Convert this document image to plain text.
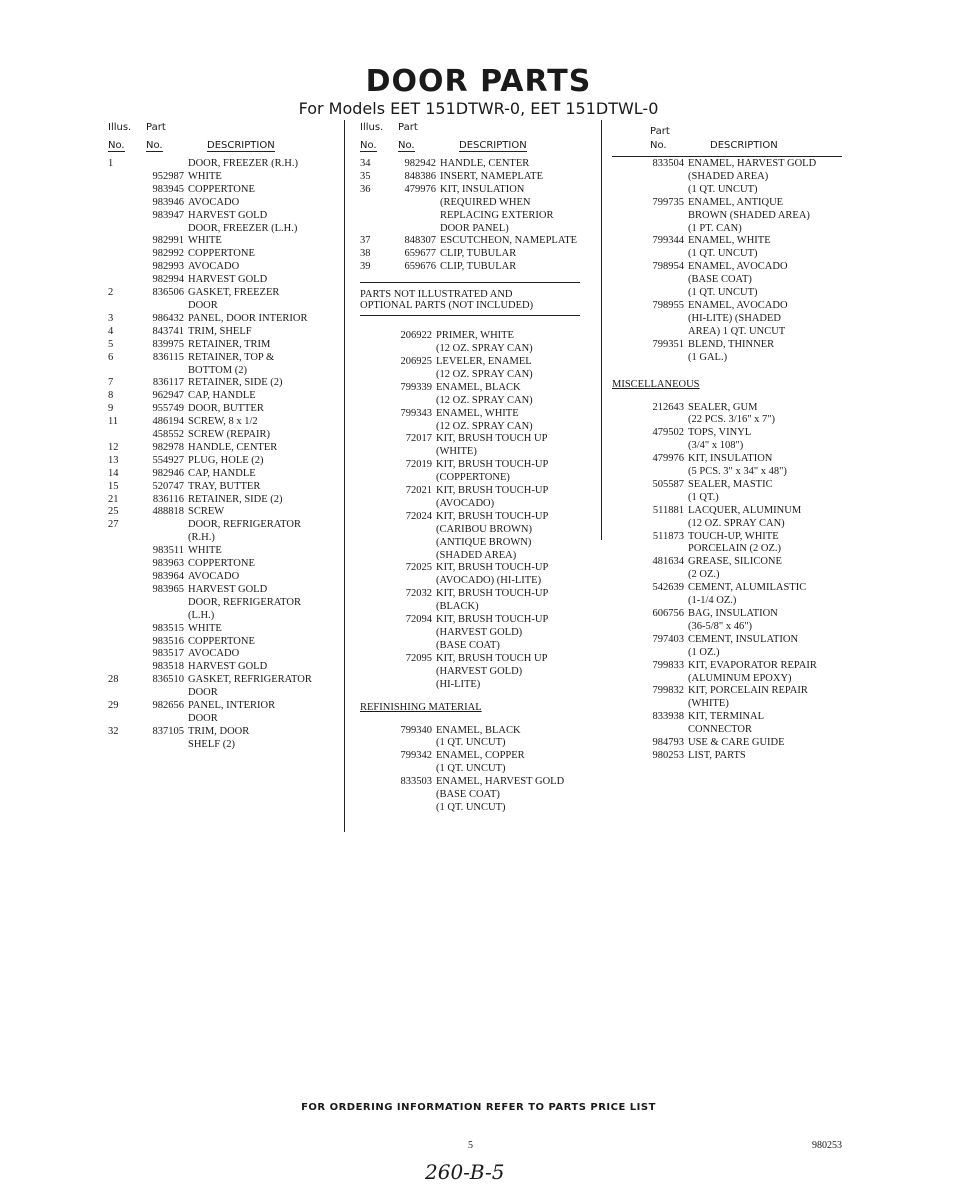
DOOR PARTS
For Models EET 151DTWR-0, EET 151DTWL-0
Illus. Part
No. No.	DESCRIPTION
1	DOOR, FREEZER (R.H.)
952987 WHITE
983945 COPPERTONE
983946 AVOCADO
983947 HARVEST GOLD
DOOR, FREEZER (L.H.)
982991 WHITE
982992 COPPERTONE
982993 AVOCADO
982994 HARVEST GOLD
2	836506 GASKET, FREEZER
DOOR
3	986432 PANEL, DOOR INTERIOR
4	843741 TRIM, SHELF
5	839975 RETAINER, TRIM
6	836115 RETAINER, TOP &
BOTTOM (2)
7	836117 RETAINER, SIDE (2)
8	962947 CAP, HANDLE
9	955749 DOOR, BUTTER
11	486194 SCREW, 8 x 1/2
458552 SCREW (REPAIR)
12	982978 HANDLE, CENTER
13	554927 PLUG, HOLE (2)
14	982946 CAP, HANDLE
15	520747 TRAY, BUTTER
21	836116 RETAINER, SIDE (2)
25	488818 SCREW
27	DOOR, REFRIGERATOR
(R.H.)
983511 WHITE
983963 COPPERTONE
983964 AVOCADO
983965 HARVEST GOLD
DOOR, REFRIGERATOR
(L.H.)
983515 WHITE
983516 COPPERTONE
983517 AVOCADO
983518 HARVEST GOLD
28	836510 GASKET, REFRIGERATOR
DOOR
29	982656 PANEL, INTERIOR
DOOR
32	837105 TRIM, DOOR
SHELF (2)
Illus. Part
No. No.	DESCRIPTION
34	982942 HANDLE, CENTER
35	848386 INSERT, NAMEPLATE
36	479976 KIT, INSULATION
(REQUIRED WHEN
REPLACING EXTERIOR
DOOR PANEL)
37	848307 ESCUTCHEON, NAMEPLATE
38	659677 CLIP, TUBULAR
39	659676 CLIP, TUBULAR
PARTS NOT ILLUSTRATED AND
OPTIONAL PARTS (NOT INCLUDED)
206922 PRIMER, WHITE
(12 OZ. SPRAY CAN)
206925 LEVELER, ENAMEL
(12 OZ. SPRAY CAN)
799339 ENAMEL, BLACK
(12 OZ. SPRAY CAN)
799343 ENAMEL, WHITE
(12 OZ. SPRAY CAN)
72017 KIT, BRUSH TOUCH UP
(WHITE)
72019 KIT, BRUSH TOUCH-UP
(COPPERTONE)
72021 KIT, BRUSH TOUCH-UP
(AVOCADO)
72024 KIT, BRUSH TOUCH-UP
(CARIBOU BROWN)
(ANTIQUE BROWN)
(SHADED AREA)
72025 KIT, BRUSH TOUCH-UP
(AVOCADO) (HI-LITE)
72032 KIT, BRUSH TOUCH-UP
(BLACK)
72094 KIT, BRUSH TOUCH-UP
(HARVEST GOLD)
(BASE COAT)
72095 KIT, BRUSH TOUCH UP
(HARVEST GOLD)
(HI-LITE)
REFINISHING MATERIAL
799340 ENAMEL, BLACK
(1 QT. UNCUT)
799342 ENAMEL, COPPER
(1 QT. UNCUT)
833503 ENAMEL, HARVEST GOLD
(BASE COAT)
(1 QT. UNCUT)
Part
No.	DESCRIPTION
833504 ENAMEL, HARVEST GOLD
(SHADED AREA)
(1 QT. UNCUT)
799735 ENAMEL, ANTIQUE
BROWN (SHADED AREA)
(1 PT. CAN)
799344 ENAMEL, WHITE
(1 QT. UNCUT)
798954 ENAMEL, AVOCADO
(BASE COAT)
(1 QT. UNCUT)
798955 ENAMEL, AVOCADO
(HI-LITE) (SHADED
AREA) 1 QT. UNCUT
799351 BLEND, THINNER
(1 GAL.)
MISCELLANEOUS
212643 SEALER, GUM
(22 PCS. 3/16" x 7")
479502 TOPS, VINYL
(3/4" x 108")
479976 KIT, INSULATION
(5 PCS. 3" x 34" x 48")
505587 SEALER, MASTIC
(1 QT.)
511881 LACQUER, ALUMINUM
(12 OZ. SPRAY CAN)
511873 TOUCH-UP, WHITE
PORCELAIN (2 OZ.)
481634 GREASE, SILICONE
(2 OZ.)
542639 CEMENT, ALUMILASTIC
(1-1/4 OZ.)
606756 BAG, INSULATION
(36-5/8" x 46")
797403 CEMENT, INSULATION
(1 OZ.)
799833 KIT, EVAPORATOR REPAIR
(ALUMINUM EPOXY)
799832 KIT, PORCELAIN REPAIR
(WHITE)
833938 KIT, TERMINAL
CONNECTOR
984793 USE & CARE GUIDE
980253 LIST, PARTS
FOR ORDERING INFORMATION REFER TO PARTS PRICE LIST
5	980253
260-B-5
